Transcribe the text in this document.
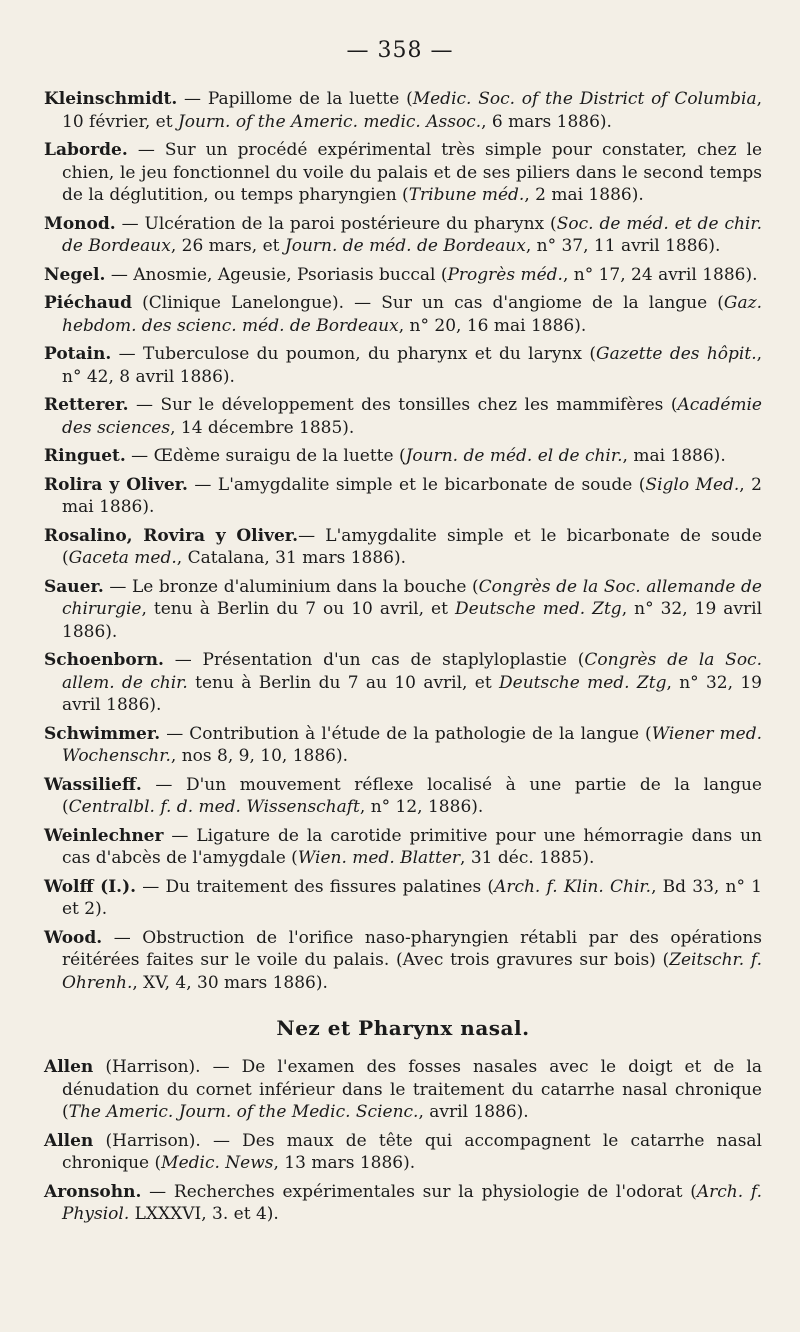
— 358 —
Kleinschmidt. — Papillome de la luette (Medic. Soc. of the District of Columbia, 10 février, et Journ. of the Americ. medic. Assoc., 6 mars 1886).
Laborde. — Sur un procédé expérimental très simple pour constater, chez le chien, le jeu fonctionnel du voile du palais et de ses piliers dans le second temps de la déglutition, ou temps pharyngien (Tribune méd., 2 mai 1886).
Monod. — Ulcération de la paroi postérieure du pharynx (Soc. de méd. et de chir. de Bordeaux, 26 mars, et Journ. de méd. de Bordeaux, n° 37, 11 avril 1886).
Negel. — Anosmie, Ageusie, Psoriasis buccal (Progrès méd., n° 17, 24 avril 1886).
Piéchaud (Clinique Lanelongue). — Sur un cas d'angiome de la langue (Gaz. hebdom. des scienc. méd. de Bordeaux, n° 20, 16 mai 1886).
Potain. — Tuberculose du poumon, du pharynx et du larynx (Gazette des hôpit., n° 42, 8 avril 1886).
Retterer. — Sur le développement des tonsilles chez les mammifères (Académie des sciences, 14 décembre 1885).
Ringuet. — Œdème suraigu de la luette (Journ. de méd. el de chir., mai 1886).
Rolira y Oliver. — L'amygdalite simple et le bicarbonate de soude (Siglo Med., 2 mai 1886).
Rosalino, Rovira y Oliver.— L'amygdalite simple et le bicarbonate de soude (Gaceta med., Catalana, 31 mars 1886).
Sauer. — Le bronze d'aluminium dans la bouche (Congrès de la Soc. allemande de chirurgie, tenu à Berlin du 7 ou 10 avril, et Deutsche med. Ztg, n° 32, 19 avril 1886).
Schoenborn. — Présentation d'un cas de staplyloplastie (Congrès de la Soc. allem. de chir. tenu à Berlin du 7 au 10 avril, et Deutsche med. Ztg, n° 32, 19 avril 1886).
Schwimmer. — Contribution à l'étude de la pathologie de la langue (Wiener med. Wochenschr., nos 8, 9, 10, 1886).
Wassilieff. — D'un mouvement réflexe localisé à une partie de la langue (Centralbl. f. d. med. Wissenschaft, n° 12, 1886).
Weinlechner — Ligature de la carotide primitive pour une hémorragie dans un cas d'abcès de l'amygdale (Wien. med. Blatter, 31 déc. 1885).
Wolff (I.). — Du traitement des fissures palatines (Arch. f. Klin. Chir., Bd 33, n° 1 et 2).
Wood. — Obstruction de l'orifice naso-pharyngien rétabli par des opérations réitérées faites sur le voile du palais. (Avec trois gravures sur bois) (Zeitschr. f. Ohrenh., XV, 4, 30 mars 1886).
Nez et Pharynx nasal.
Allen (Harrison). — De l'examen des fosses nasales avec le doigt et de la dénudation du cornet inférieur dans le traitement du catarrhe nasal chronique (The Americ. Journ. of the Medic. Scienc., avril 1886).
Allen (Harrison). — Des maux de tête qui accompagnent le catarrhe nasal chronique (Medic. News, 13 mars 1886).
Aronsohn. — Recherches expérimentales sur la physiologie de l'odorat (Arch. f. Physiol. LXXXVI, 3. et 4).
